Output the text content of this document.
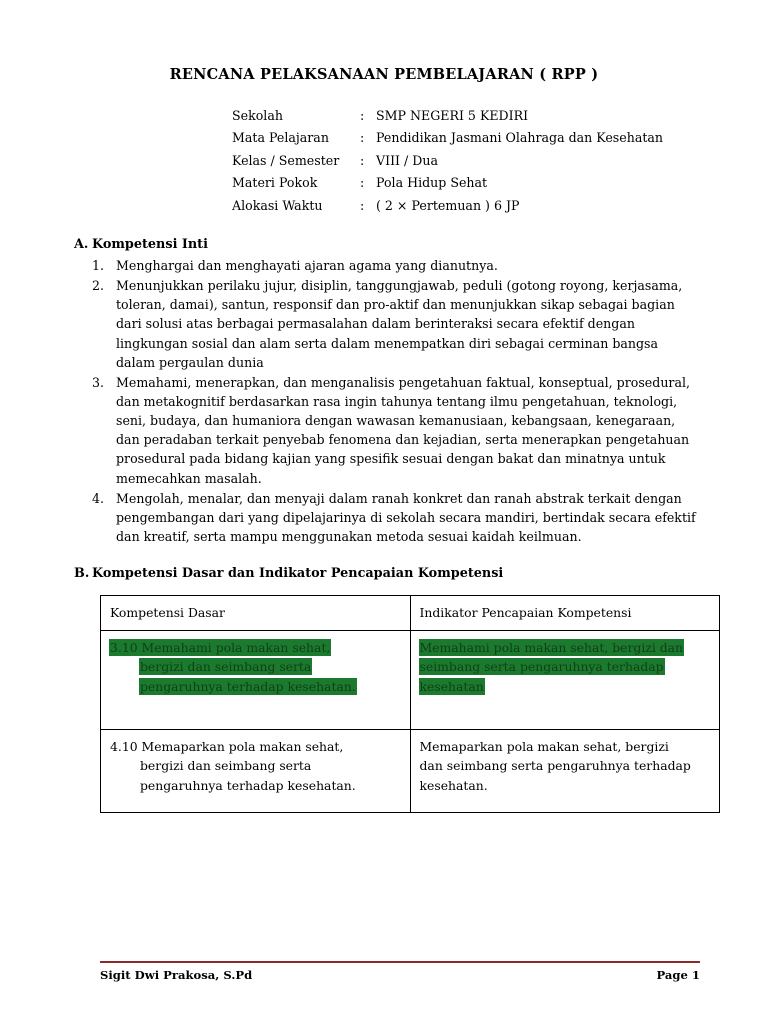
RENCANA PELAKSANAAN PEMBELAJARAN ( RPP )
Sekolah	: SMP NEGERI 5 KEDIRI
Mata Pelajaran	: Pendidikan Jasmani Olahraga dan Kesehatan
Kelas / Semester	: VIII / Dua
Materi Pokok	: Pola Hidup Sehat
Alokasi Waktu	: ( 2 × Pertemuan ) 6 JP
A. Kompetensi Inti
1. Menghargai dan menghayati ajaran agama yang dianutnya.
2. Menunjukkan perilaku jujur, disiplin, tanggungjawab, peduli (gotong royong, kerjasama, toleran, damai), santun, responsif dan pro-aktif dan menunjukkan sikap sebagai bagian dari solusi atas berbagai permasalahan dalam berinteraksi secara efektif dengan lingkungan sosial dan alam serta dalam menempatkan diri sebagai cerminan bangsa dalam pergaulan dunia
3. Memahami, menerapkan, dan menganalisis pengetahuan faktual, konseptual, prosedural, dan metakognitif berdasarkan rasa ingin tahunya tentang ilmu pengetahuan, teknologi, seni, budaya, dan humaniora dengan wawasan kemanusiaan, kebangsaan, kenegaraan, dan peradaban terkait penyebab fenomena dan kejadian, serta menerapkan pengetahuan prosedural pada bidang kajian yang spesifik sesuai dengan bakat dan minatnya untuk memecahkan masalah.
4. Mengolah, menalar, dan menyaji dalam ranah konkret dan ranah abstrak terkait dengan pengembangan dari yang dipelajarinya di sekolah secara mandiri, bertindak secara efektif dan kreatif, serta mampu menggunakan metoda sesuai kaidah keilmuan.
B. Kompetensi Dasar dan Indikator Pencapaian Kompetensi
Kompetensi Dasar	Indikator Pencapaian Kompetensi

3.10 Memahami pola makan sehat,
bergizi dan seimbang serta
pengaruhnya terhadap kesehatan.	Memahami pola makan sehat, bergizi dan
seimbang serta pengaruhnya terhadap
kesehatan

4.10 Memaparkan pola makan sehat,
bergizi dan seimbang serta
pengaruhnya terhadap kesehatan.	Memaparkan pola makan sehat, bergizi
dan seimbang serta pengaruhnya terhadap
kesehatan.
Sigit Dwi Prakosa, S.Pd	Page 1
